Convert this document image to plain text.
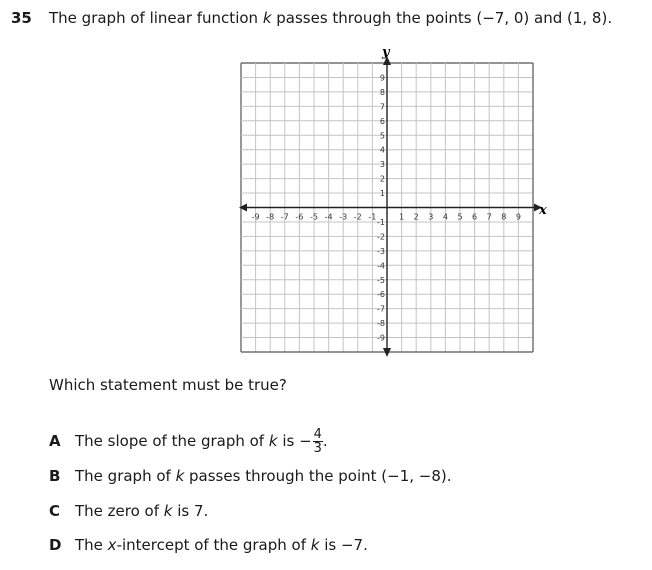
35 The graph of linear function k passes through the points (−7, 0) and (1, 8).
-9 -8 -7 -6 -5 -4 -3 -2 -1	1 2 3 4 5 6 7 8 9
9
8
7
6
5
4
3
2
1
-1
-2
-3
-4
-5
-6
-7
-8
-9
x
y
Which statement must be true?
A The slope of the graph of k is − $\frac{4}{3}$ .
B The graph of k passes through the point (−1, −8).
C The zero of k is 7.
D The x-intercept of the graph of k is −7.
